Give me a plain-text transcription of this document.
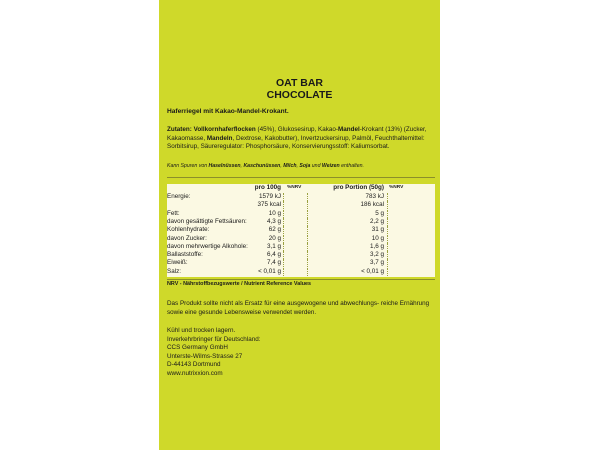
OAT BAR
CHOCOLATE
Haferriegel mit Kakao-Mandel-Krokant.
Zutaten: Vollkornhaferflocken (45%), Glukosesirup, Kakao-Mandel-Krokant (13%) (Zucker, Kakaomasse, Mandeln, Dextrose, Kakobutter), Invertzuckersirup, Palmöl, Feuchthaltemittel: Sorbitsirup, Säureregulator: Phosphorsäure, Konservierungsstoff: Kaliumsorbat.
Kann Spuren von Haselnüssen, Kaschunüssen, Milch, Soja und Weizen enthalten.
pro 100g %NRV	pro Portion (50g) %NRV
Energie:	1579 kJ	783 kJ
375 kcal	186 kcal
Fett:	10 g	5 g
davon gesättigte Fettsäuren:	4,3 g	2,2 g
Kohlenhydrate:	62 g	31 g
davon Zucker:	20 g	10 g
davon mehrwertige Alkohole:	3,1 g	1,6 g
Ballaststoffe:	6,4 g	3,2 g
Eiweiß:	7,4 g	3,7 g
Salz:	< 0,01 g	< 0,01 g
NRV - Nährstoffbezugswerte / Nutrient Reference Values
Das Produkt sollte nicht als Ersatz für eine ausgewogene und abwechlungs- reiche Ernährung sowie eine gesunde Lebensweise verwendet werden.
Kühl und trocken lagern.
Inverkehrbringer für Deutschland:
CCS Germany GmbH
Unterste-Wilms-Strasse 27
D-44143 Dortmund
www.nutrixxion.com
